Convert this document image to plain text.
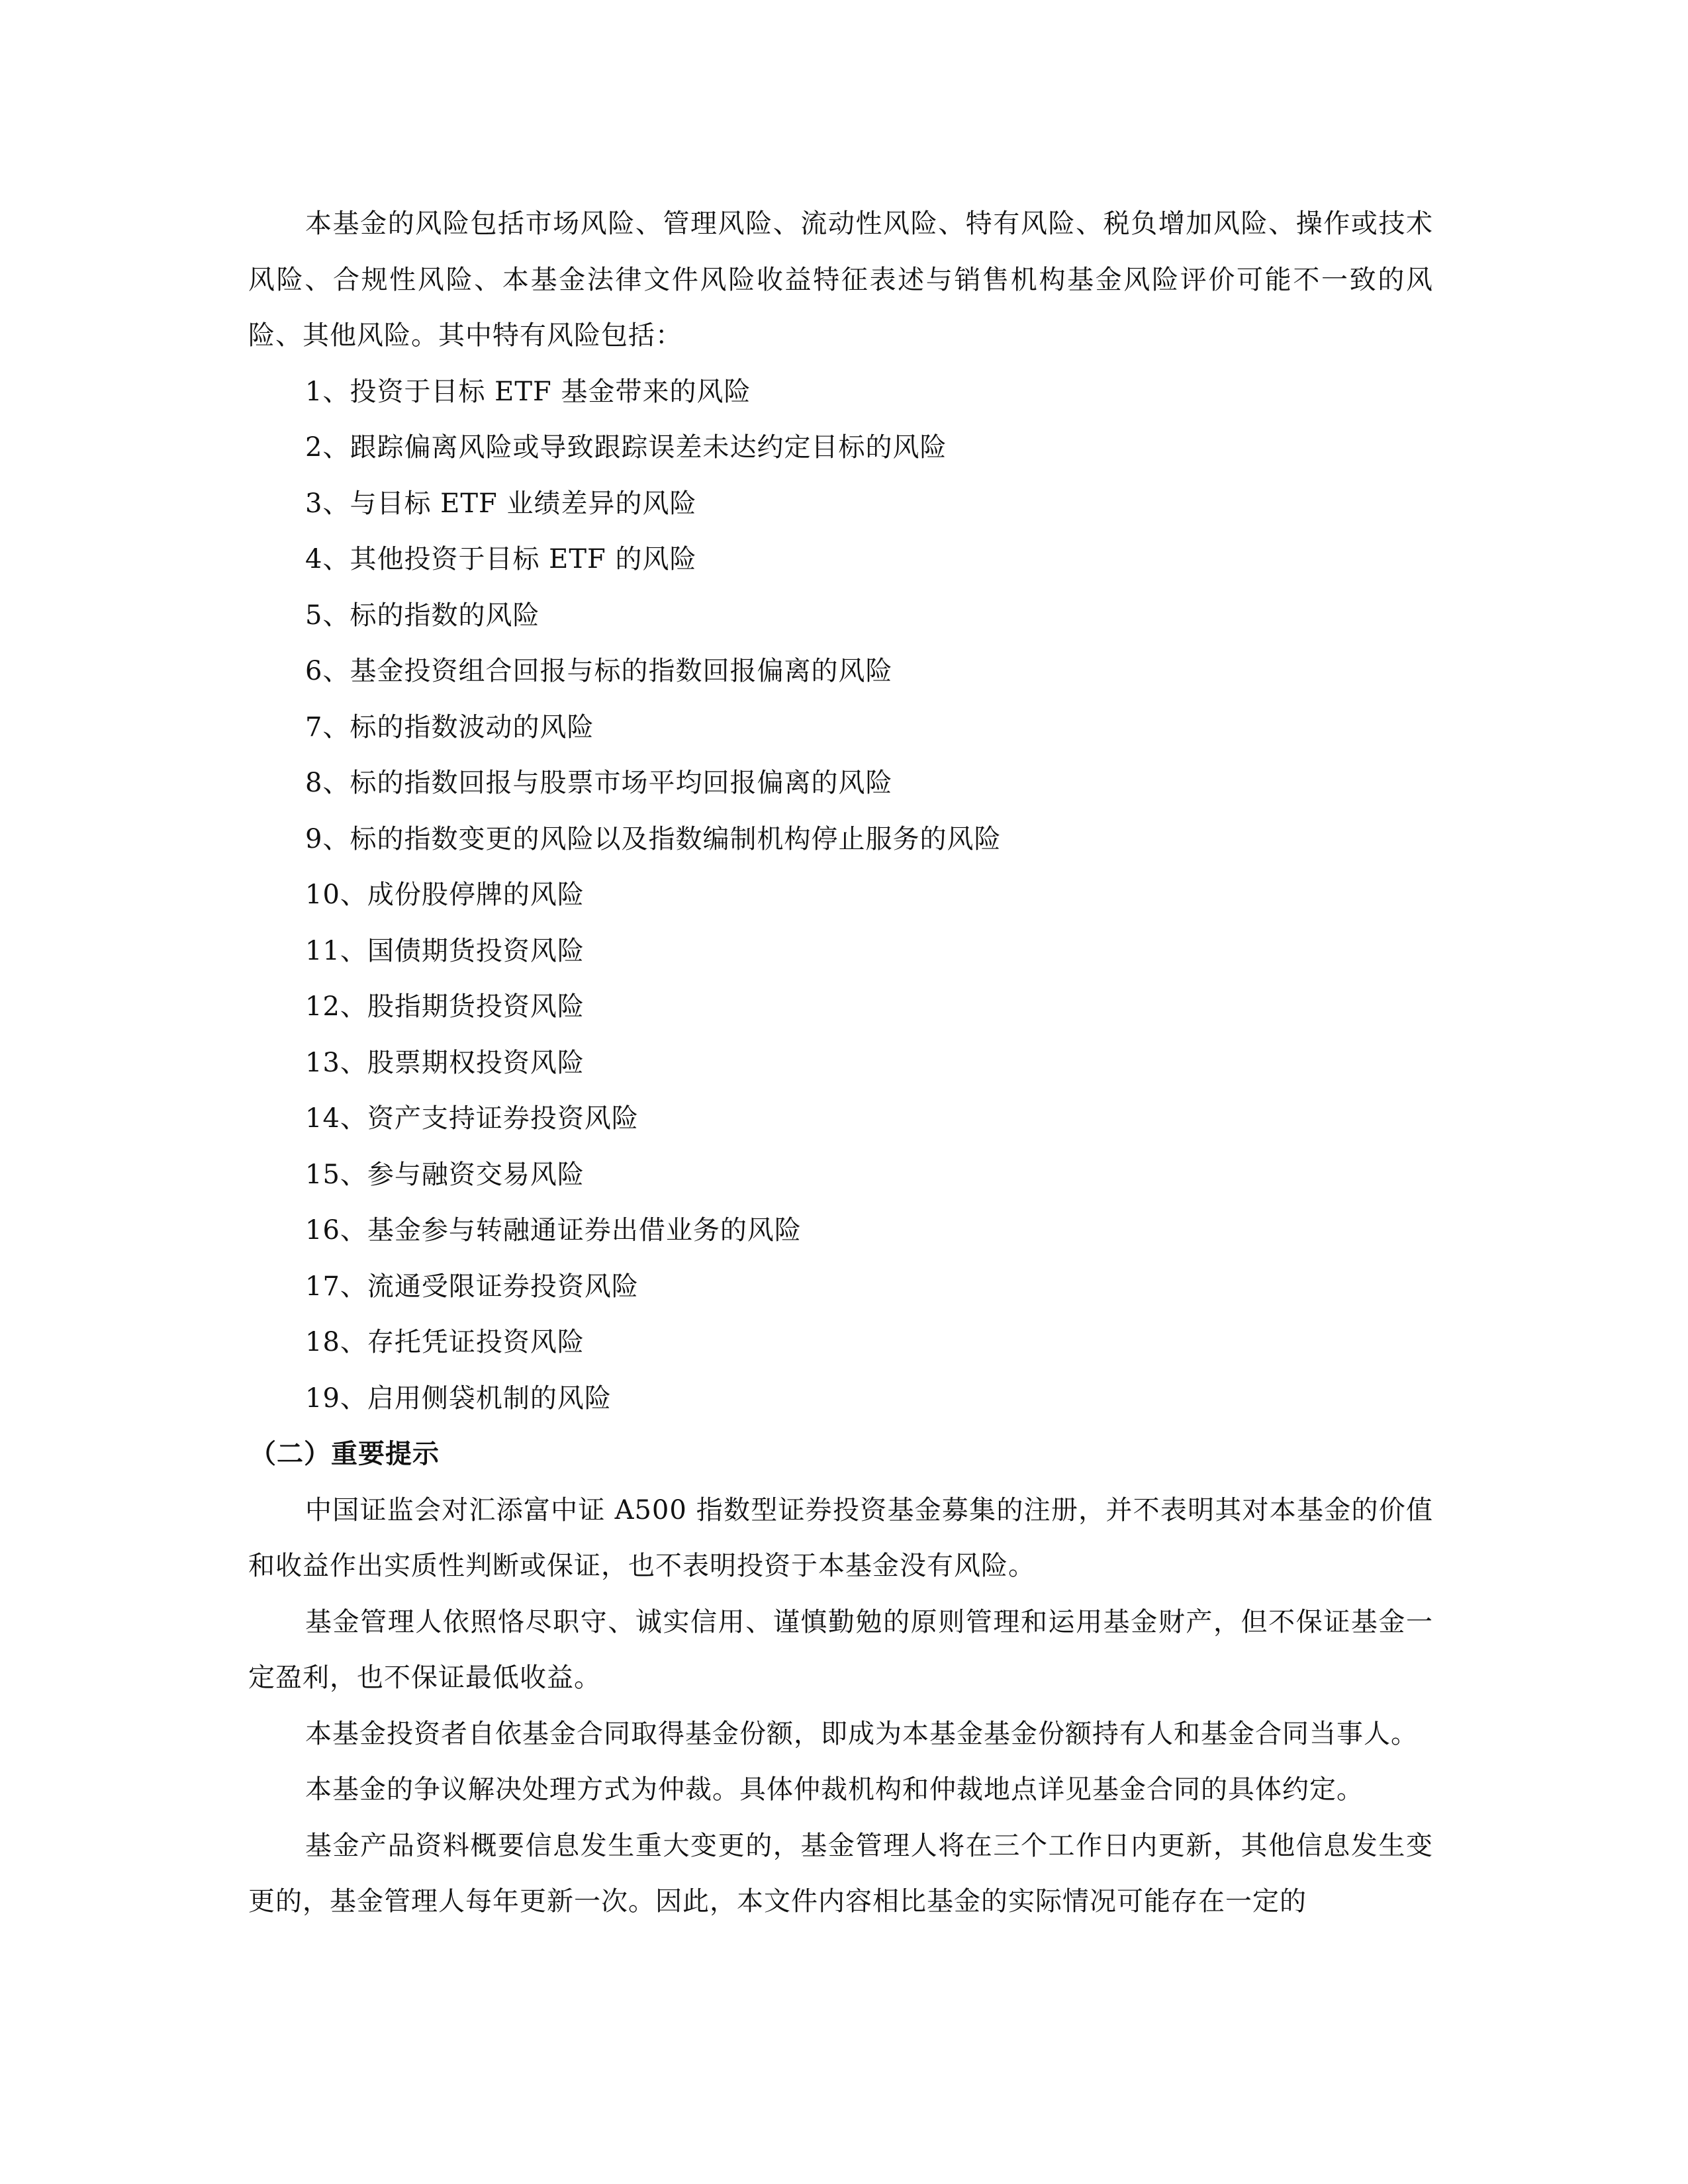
本基金的风险包括市场风险、管理风险、流动性风险、特有风险、税负增加风险、操作或技术风险、合规性风险、本基金法律文件风险收益特征表述与销售机构基金风险评价可能不一致的风险、其他风险。其中特有风险包括：

1、投资于目标 ETF 基金带来的风险
2、跟踪偏离风险或导致跟踪误差未达约定目标的风险
3、与目标 ETF 业绩差异的风险
4、其他投资于目标 ETF 的风险
5、标的指数的风险
6、基金投资组合回报与标的指数回报偏离的风险
7、标的指数波动的风险
8、标的指数回报与股票市场平均回报偏离的风险
9、标的指数变更的风险以及指数编制机构停止服务的风险
10、成份股停牌的风险
11、国债期货投资风险
12、股指期货投资风险
13、股票期权投资风险
14、资产支持证券投资风险
15、参与融资交易风险
16、基金参与转融通证券出借业务的风险
17、流通受限证券投资风险
18、存托凭证投资风险
19、启用侧袋机制的风险
（二）重要提示

中国证监会对汇添富中证 A500 指数型证券投资基金募集的注册，并不表明其对本基金的价值和收益作出实质性判断或保证，也不表明投资于本基金没有风险。

基金管理人依照恪尽职守、诚实信用、谨慎勤勉的原则管理和运用基金财产，但不保证基金一定盈利，也不保证最低收益。

本基金投资者自依基金合同取得基金份额，即成为本基金基金份额持有人和基金合同当事人。

本基金的争议解决处理方式为仲裁。具体仲裁机构和仲裁地点详见基金合同的具体约定。

基金产品资料概要信息发生重大变更的，基金管理人将在三个工作日内更新，其他信息发生变更的，基金管理人每年更新一次。因此，本文件内容相比基金的实际情况可能存在一定的
